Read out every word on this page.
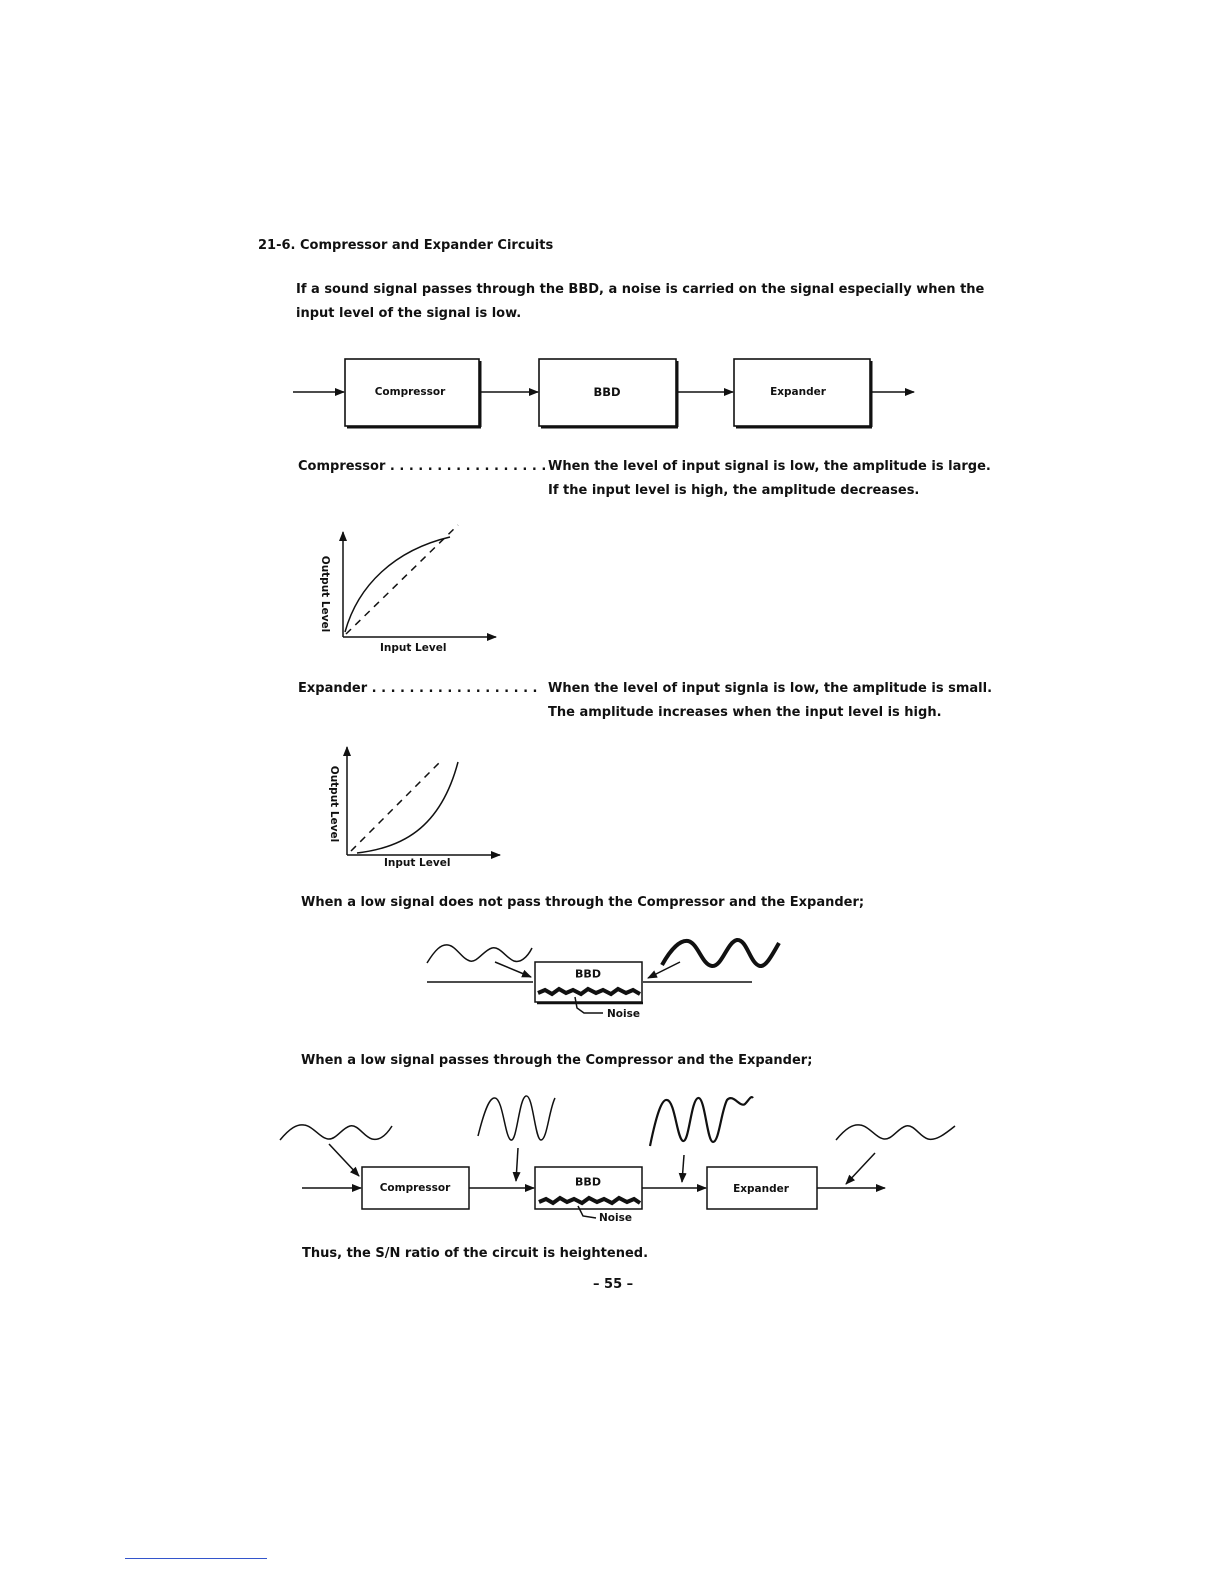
21-6. Compressor and Expander Circuits
If a sound signal passes through the BBD, a noise is carried on the signal especially when the
input level of the signal is low.
Output Level
Output Level
Compressor	BBD	Expander
Compressor . . . . . . . . . . . . . . . . . When the level of input signal is low, the amplitude is large.
If the input level is high, the amplitude decreases.
Input Level
Expander . . . . . . . . . . . . . . . . . . When the level of input signla is low, the amplitude is small.
The amplitude increases when the input level is high.
Input Level
When a low signal does not pass through the Compressor and the Expander;
BBD
Noise
When a low signal passes through the Compressor and the Expander;
Compressor	BBD
Expander
Noise
Thus, the S/N ratio of the circuit is heightened.
– 55 –
